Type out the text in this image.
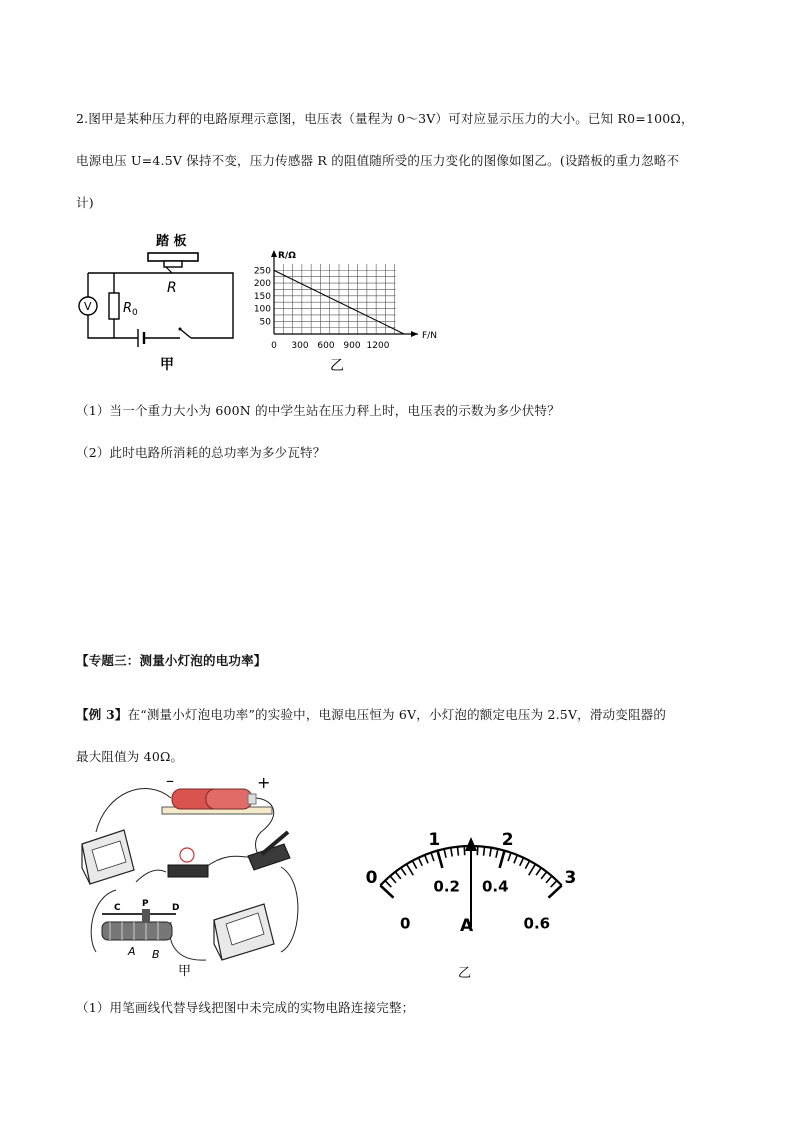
2.图甲是某种压力秤的电路原理示意图，电压表（量程为 0～3V）可对应显示压力的大小。已知 R0=100Ω，
电源电压 U=4.5V 保持不变，压力传感器 R 的阻值随所受的压力变化的图像如图乙。(设踏板的重力忽略不
计)
踏 板
R
$R_0$
V
甲
F/N
R/Ω
50
100
150
200
250
0 300 600 900 1200
乙
（1）当一个重力大小为 600N 的中学生站在压力秤上时，电压表的示数为多少伏特？
（2）此时电路所消耗的总功率为多少瓦特？
【专题三：测量小灯泡的电功率】
【例 3】在“测量小灯泡电功率”的实验中，电源电压恒为 6V，小灯泡的额定电压为 2.5V，滑动变阻器的
最大阻值为 40Ω。
–	+
C P	D
A B
甲
0
1	2
3
0
0.2 0.4
0.6
A
乙
（1）用笔画线代替导线把图中未完成的实物电路连接完整；
